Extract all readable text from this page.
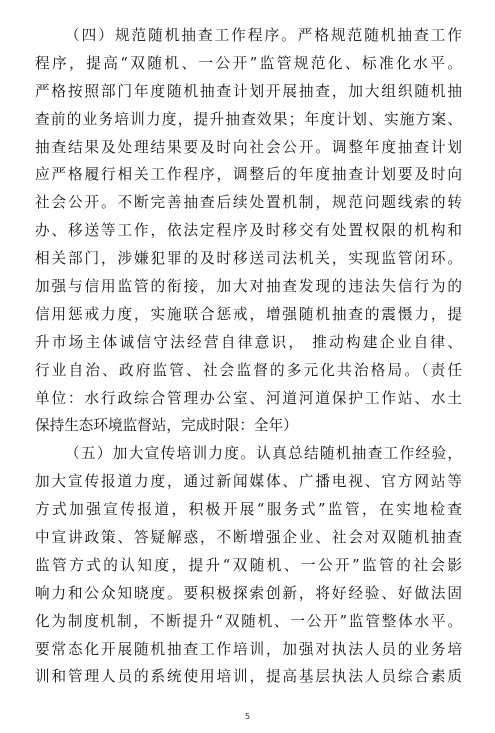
（四）规范随机抽查工作程序。严格规范随机抽查工作
程序，提高“双随机、一公开”监管规范化、标准化水平。
严格按照部门年度随机抽查计划开展抽查，加大组织随机抽
查前的业务培训力度，提升抽查效果；年度计划、实施方案、
抽查结果及处理结果要及时向社会公开。调整年度抽查计划
应严格履行相关工作程序，调整后的年度抽查计划要及时向
社会公开。不断完善抽查后续处置机制，规范问题线索的转
办、移送等工作，依法定程序及时移交有处置权限的机构和
相关部门，涉嫌犯罪的及时移送司法机关，实现监管闭环。
加强与信用监管的衔接，加大对抽查发现的违法失信行为的
信用惩戒力度，实施联合惩戒，增强随机抽查的震慑力，提
升市场主体诚信守法经营自律意识， 推动构建企业自律、
行业自治、政府监管、社会监督的多元化共治格局。（责任
单位：水行政综合管理办公室、河道河道保护工作站、水土
保持生态环境监督站，完成时限：全年）
（五）加大宣传培训力度。认真总结随机抽查工作经验，
加大宣传报道力度，通过新闻媒体、广播电视、官方网站等
方式加强宣传报道，积极开展“服务式”监管，在实地检查
中宣讲政策、答疑解惑，不断增强企业、社会对双随机抽查
监管方式的认知度，提升“双随机、一公开”监管的社会影
响力和公众知晓度。要积极探索创新，将好经验、好做法固
化为制度机制，不断提升“双随机、一公开”监管整体水平。
要常态化开展随机抽查工作培训，加强对执法人员的业务培
训和管理人员的系统使用培训，提高基层执法人员综合素质
5
